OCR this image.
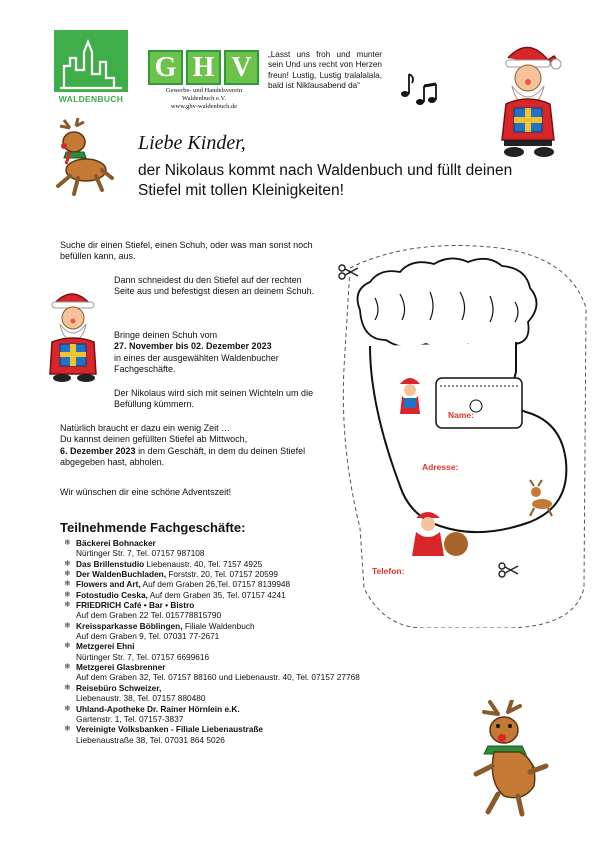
WALDENBUCH
G H V
Gewerbe- und Handelsverein
Waldenbuch e.V.
www.ghv-waldenbuch.de
„Lasst uns froh und munter sein Und uns recht von Herzen freun! Lustig, Lustig tralalalala, bald ist Niklausabend da“
Liebe Kinder,
der Nikolaus kommt nach Waldenbuch und füllt deinen Stiefel mit tollen Kleinigkeiten!
Suche dir einen Stiefel, einen Schuh, oder was man sonst noch befüllen kann, aus.
Dann schneidest du den Stiefel auf der rechten Seite aus und befestigst diesen an deinem Schuh.
Bringe deinen Schuh vom
27. November bis 02. Dezember 2023
in eines der ausgewählten Waldenbucher Fachgeschäfte.
Der Nikolaus wird sich mit seinen Wichteln um die Befüllung kümmern.
Natürlich braucht er dazu ein wenig Zeit …
Du kannst deinen gefüllten Stiefel ab Mittwoch,
6. Dezember 2023 in dem Geschäft, in dem du deinen Stiefel abgegeben hast, abholen.
Wir wünschen dir eine schöne Adventszeit!
Teilnehmende Fachgeschäfte:
❄ Bäckerei Bohnacker
Nürtinger Str. 7, Tel. 07157 987108
❄ Das Brillenstudio Liebenaustr. 40, Tel. 7157 4925
❄ Der WaldenBuchladen, Forststr. 20, Tel. 07157 20599
❄ Flowers and Art, Auf dem Graben 26,Tel. 07157 8139948
❄ Fotostudio Ceska, Auf dem Graben 35, Tel. 07157 4241
❄ FRIEDRICH Café • Bar • Bistro
Auf dem Graben 22 Tel. 015778815790
❄ Kreissparkasse Böblingen, Filiale Waldenbuch
Auf dem Graben 9, Tel. 07031 77-2671
❄ Metzgerei Ehni
Nürtinger Str. 7, Tel. 07157 6699616
❄ Metzgerei Glasbrenner
Auf dem Graben 32, Tel. 07157 88160 und Liebenaustr. 40, Tel. 07157 27768
❄ Reisebüro Schweizer,
Liebenaustr. 38, Tel. 07157 880480
❄ Uhland-Apotheke Dr. Rainer Hörnlein e.K.
Gartenstr. 1, Tel. 07157-3837
❄ Vereinigte Volksbanken - Filiale Liebenaustraße
Liebenaustraße 38, Tel. 07031 864 5026
Name:
Adresse:
Telefon:
